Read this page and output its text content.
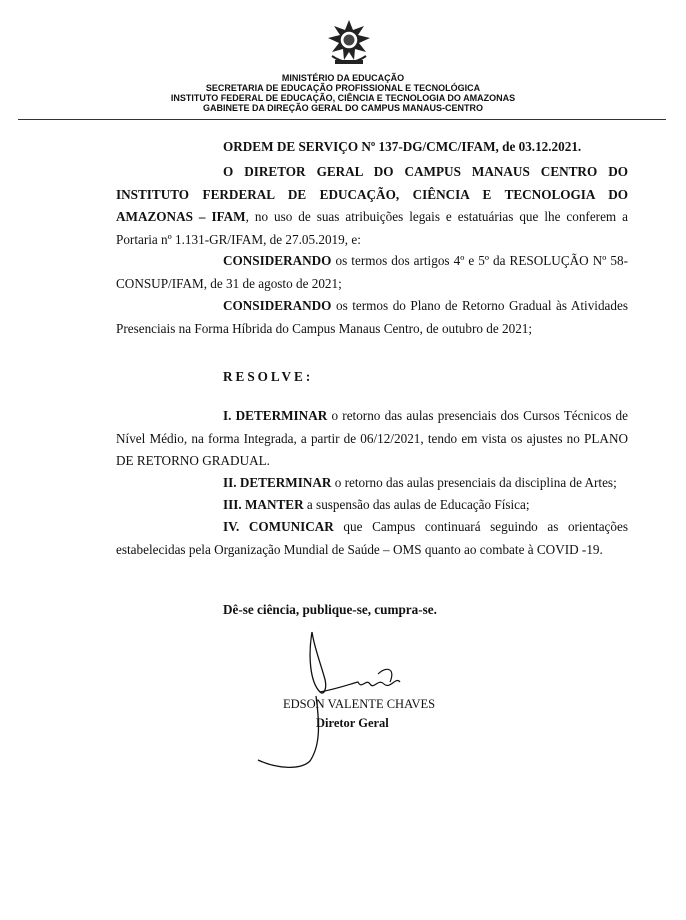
MINISTÉRIO DA EDUCAÇÃO
SECRETARIA DE EDUCAÇÃO PROFISSIONAL E TECNOLÓGICA
INSTITUTO FEDERAL DE EDUCAÇÃO, CIÊNCIA E TECNOLOGIA DO AMAZONAS
GABINETE DA DIREÇÃO GERAL DO CAMPUS MANAUS-CENTRO
ORDEM DE SERVIÇO Nº 137-DG/CMC/IFAM, de 03.12.2021.
O DIRETOR GERAL DO CAMPUS MANAUS CENTRO DO INSTITUTO FERDERAL DE EDUCAÇÃO, CIÊNCIA E TECNOLOGIA DO AMAZONAS – IFAM, no uso de suas atribuições legais e estatuárias que lhe conferem a Portaria nº 1.131-GR/IFAM, de 27.05.2019, e:
CONSIDERANDO os termos dos artigos 4º e 5º da RESOLUÇÃO Nº 58-CONSUP/IFAM, de 31 de agosto de 2021;
CONSIDERANDO os termos do Plano de Retorno Gradual às Atividades Presenciais na Forma Híbrida do Campus Manaus Centro, de outubro de 2021;
RESOLVE:
I. DETERMINAR o retorno das aulas presenciais dos Cursos Técnicos de Nível Médio, na forma Integrada, a partir de 06/12/2021, tendo em vista os ajustes no PLANO DE RETORNO GRADUAL.
II. DETERMINAR o retorno das aulas presenciais da disciplina de Artes;
III. MANTER a suspensão das aulas de Educação Física;
IV. COMUNICAR que Campus continuará seguindo as orientações estabelecidas pela Organização Mundial de Saúde – OMS quanto ao combate à COVID -19.
Dê-se ciência, publique-se, cumpra-se.
EDSON VALENTE CHAVES
Diretor Geral
